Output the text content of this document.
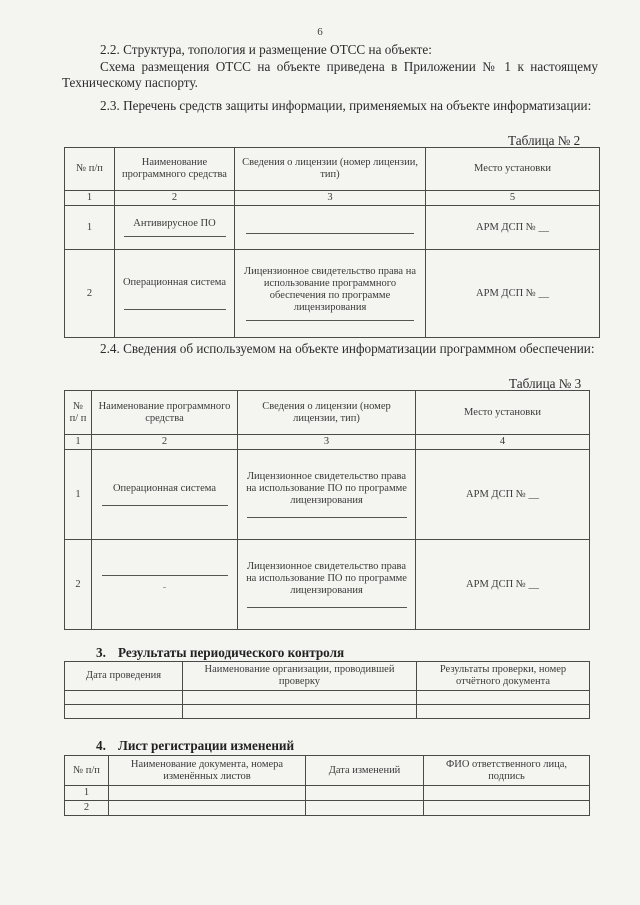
6
2.2. Структура, топология и размещение ОТСС на объекте:
Схема размещения ОТСС на объекте приведена в Приложении № 1 к настоящему Техническому паспорту.
2.3. Перечень средств защиты информации, применяемых на объекте информатизации:
Таблица № 2
№ п/п	Наименование программного средства	Сведения о лицензии (номер лицензии, тип)	Место установки
1	2	3	5
1	Антивирусное ПО		АРМ ДСП № __
2	Операционная система	Лицензионное свидетельство права на использование программного обеспечения по программе лицензирования	АРМ ДСП № __
2.4. Сведения об используемом на объекте информатизации программном обеспечении:
Таблица № 3
№ п/ п	Наименование программного средства	Сведения о лицензии (номер лицензии, тип)	Место установки
1	2	3	4
1	Операционная система	Лицензионное свидетельство права на использование ПО по программе лицензирования	АРМ ДСП № __
2	-	Лицензионное свидетельство права на использование ПО по программе лицензирования	АРМ ДСП № __
3. Результаты периодического контроля
Дата проведения	Наименование организации, проводившей проверку	Результаты проверки, номер отчётного документа

4. Лист регистрации изменений
№ п/п	Наименование документа, номера изменённых листов	Дата изменений	ФИО ответственного лица, подпись
1			
2			
